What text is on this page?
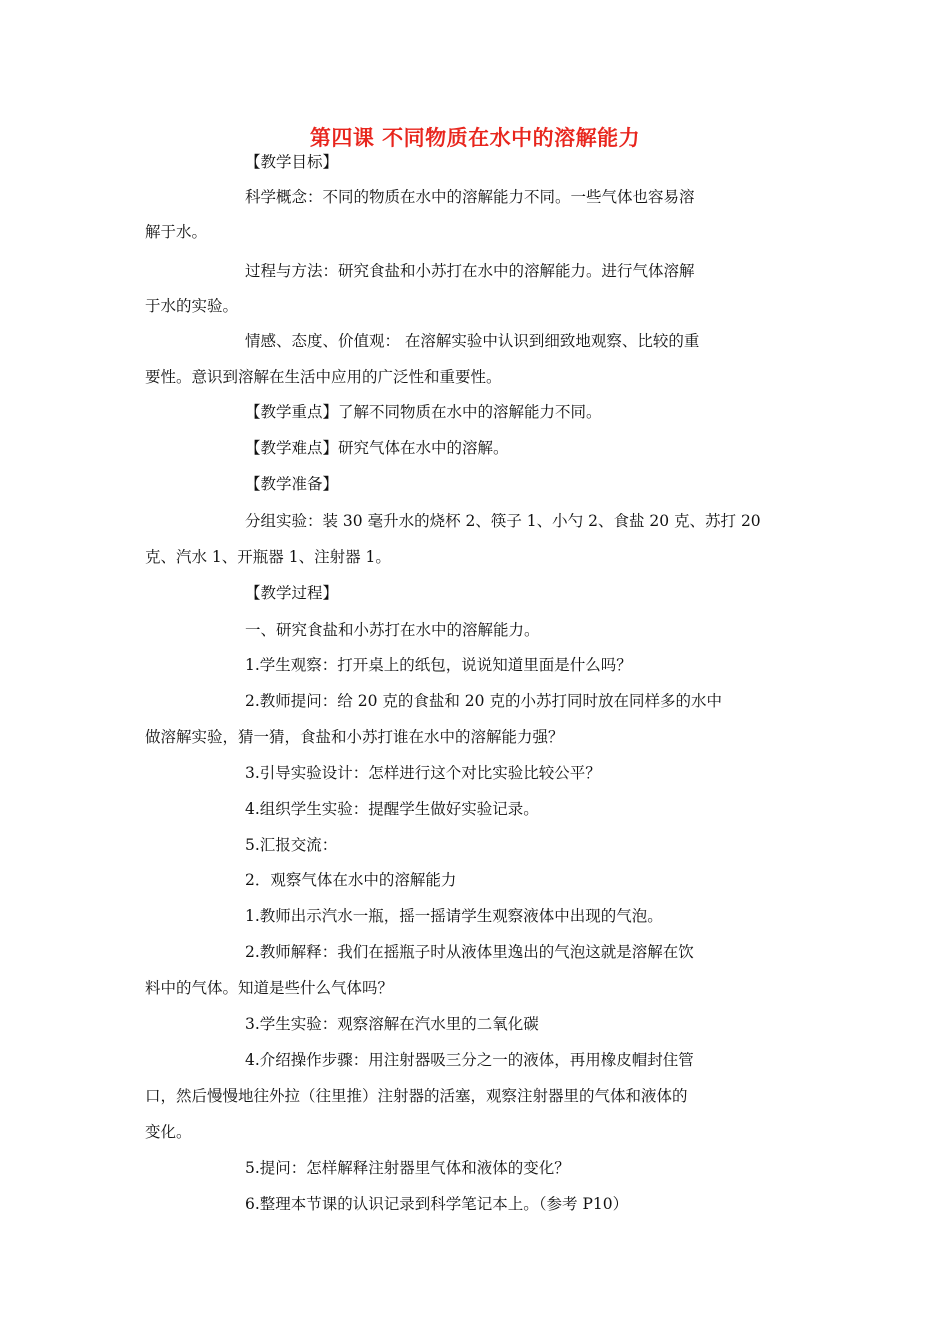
第四课 不同物质在水中的溶解能力
【教学目标】
科学概念：不同的物质在水中的溶解能力不同。一些气体也容易溶
解于水。
过程与方法：研究食盐和小苏打在水中的溶解能力。进行气体溶解
于水的实验。
情感、态度、价值观： 在溶解实验中认识到细致地观察、比较的重
要性。意识到溶解在生活中应用的广泛性和重要性。
【教学重点】了解不同物质在水中的溶解能力不同。
【教学难点】研究气体在水中的溶解。
【教学准备】
分组实验：装 30 毫升水的烧杯 2、筷子 1、小勺 2、食盐 20 克、苏打 20
克、汽水 1、开瓶器 1、注射器 1。
【教学过程】
一、研究食盐和小苏打在水中的溶解能力。
1.学生观察：打开桌上的纸包，说说知道里面是什么吗？
2.教师提问：给 20 克的食盐和 20 克的小苏打同时放在同样多的水中
做溶解实验，猜一猜，食盐和小苏打谁在水中的溶解能力强？
3.引导实验设计：怎样进行这个对比实验比较公平？
4.组织学生实验：提醒学生做好实验记录。
5.汇报交流：
2．观察气体在水中的溶解能力
1.教师出示汽水一瓶，摇一摇请学生观察液体中出现的气泡。
2.教师解释：我们在摇瓶子时从液体里逸出的气泡这就是溶解在饮
料中的气体。知道是些什么气体吗？
3.学生实验：观察溶解在汽水里的二氧化碳
4.介绍操作步骤：用注射器吸三分之一的液体，再用橡皮帽封住管
口，然后慢慢地往外拉（往里推）注射器的活塞，观察注射器里的气体和液体的
变化。
5.提问：怎样解释注射器里气体和液体的变化？
6.整理本节课的认识记录到科学笔记本上。（参考 P10）
